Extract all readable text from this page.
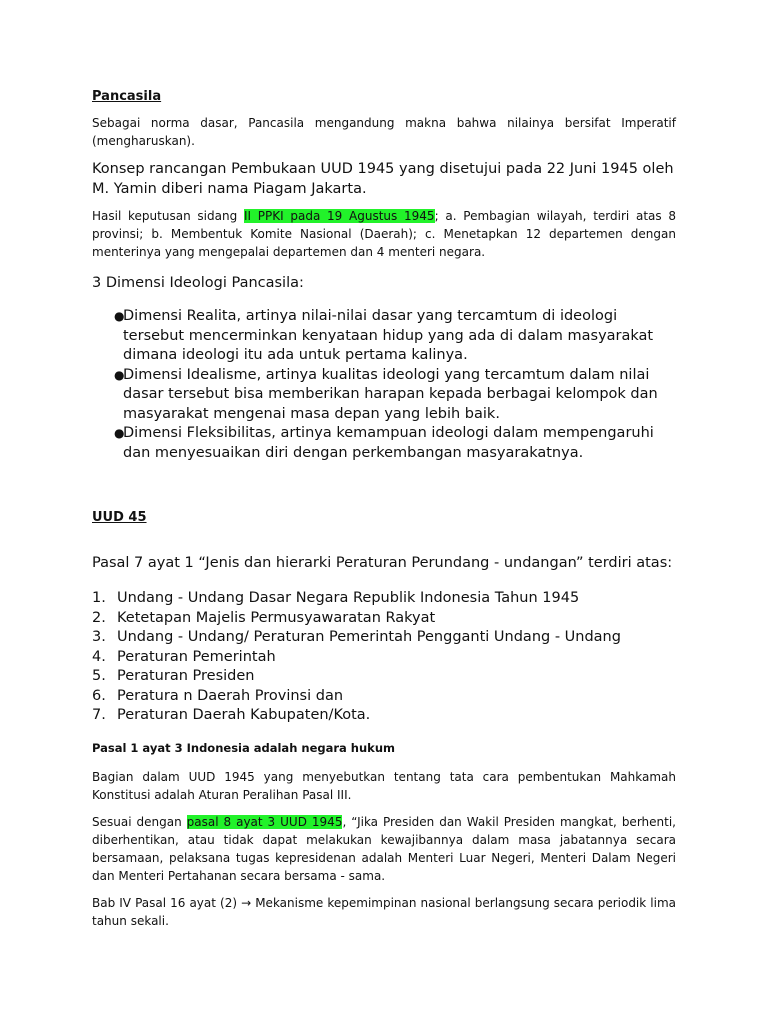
Pancasila

Sebagai norma dasar, Pancasila mengandung makna bahwa nilainya bersifat Imperatif (mengharuskan).

Konsep rancangan Pembukaan UUD 1945 yang disetujui pada 22 Juni 1945 oleh M. Yamin diberi nama Piagam Jakarta.

Hasil keputusan sidang II PPKI pada 19 Agustus 1945; a. Pembagian wilayah, terdiri atas 8 provinsi; b. Membentuk Komite Nasional (Daerah); c. Menetapkan 12 departemen dengan menterinya yang mengepalai departemen dan 4 menteri negara.

3 Dimensi Ideologi Pancasila:

●
Dimensi Realita, artinya nilai-nilai dasar yang tercamtum di ideologi tersebut mencerminkan kenyataan hidup yang ada di dalam masyarakat dimana ideologi itu ada untuk pertama kalinya.
●
Dimensi Idealisme, artinya kualitas ideologi yang tercamtum dalam nilai dasar tersebut bisa memberikan harapan kepada berbagai kelompok dan masyarakat mengenai masa depan yang lebih baik.
●
Dimensi Fleksibilitas, artinya kemampuan ideologi dalam mempengaruhi dan menyesuaikan diri dengan perkembangan masyarakatnya.

UUD 45

Pasal 7 ayat 1 “Jenis dan hierarki Peraturan Perundang - undangan” terdiri atas:

1. Undang - Undang Dasar Negara Republik Indonesia Tahun 1945
2. Ketetapan Majelis Permusyawaratan Rakyat
3. Undang - Undang/ Peraturan Pemerintah Pengganti Undang - Undang
4. Peraturan Pemerintah
5. Peraturan Presiden
6. Peratura n Daerah Provinsi dan
7. Peraturan Daerah Kabupaten/Kota.

Pasal 1 ayat 3 Indonesia adalah negara hukum

Bagian dalam UUD 1945 yang menyebutkan tentang tata cara pembentukan Mahkamah Konstitusi adalah Aturan Peralihan Pasal III.

Sesuai dengan pasal 8 ayat 3 UUD 1945, “Jika Presiden dan Wakil Presiden mangkat, berhenti, diberhentikan, atau tidak dapat melakukan kewajibannya dalam masa jabatannya secara bersamaan, pelaksana tugas kepresidenan adalah Menteri Luar Negeri, Menteri Dalam Negeri dan Menteri Pertahanan secara bersama - sama.

Bab IV Pasal 16 ayat (2) → Mekanisme kepemimpinan nasional berlangsung secara periodik lima tahun sekali.
